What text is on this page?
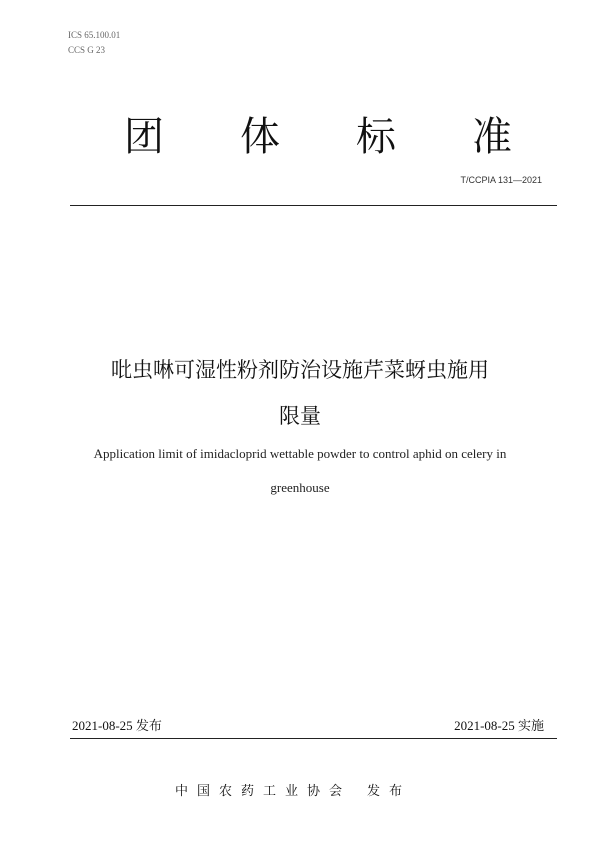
ICS 65.100.01
CCS G 23
团 体 标 准
T/CCPIA 131—2021
吡虫啉可湿性粉剂防治设施芹菜蚜虫施用
限量
Application limit of imidacloprid wettable powder to control aphid on celery in
greenhouse
2021-08-25 发布	2021-08-25 实施
中国农药工业协会 发布
